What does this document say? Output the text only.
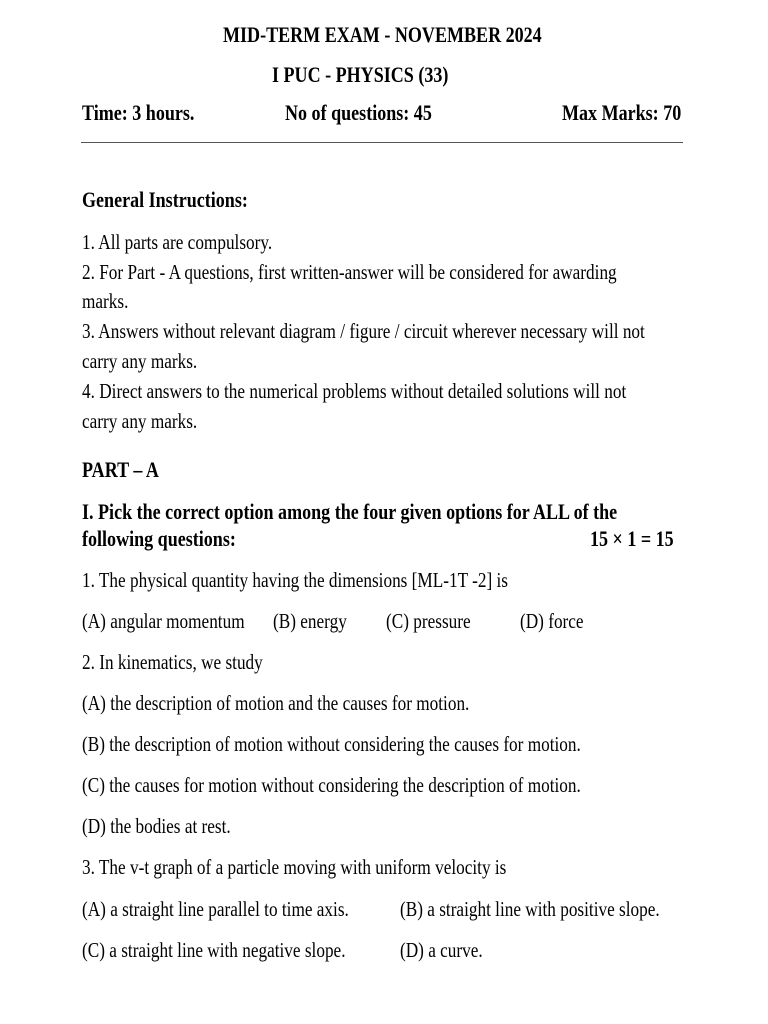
MID-TERM EXAM - NOVEMBER 2024
I PUC - PHYSICS (33)
Time: 3 hours.	No of questions: 45	Max Marks: 70
General Instructions:
1. All parts are compulsory.
2. For Part - A questions, first written-answer will be considered for awarding
marks.
3. Answers without relevant diagram / figure / circuit wherever necessary will not
carry any marks.
4. Direct answers to the numerical problems without detailed solutions will not
carry any marks.
PART – A
I. Pick the correct option among the four given options for ALL of the
following questions:	15 × 1 = 15
1. The physical quantity having the dimensions [ML-1T -2] is
(A) angular momentum (B) energy (C) pressure (D) force
2. In kinematics, we study
(A) the description of motion and the causes for motion.
(B) the description of motion without considering the causes for motion.
(C) the causes for motion without considering the description of motion.
(D) the bodies at rest.
3. The v-t graph of a particle moving with uniform velocity is
(A) a straight line parallel to time axis. (B) a straight line with positive slope.
(C) a straight line with negative slope.	(D) a curve.
